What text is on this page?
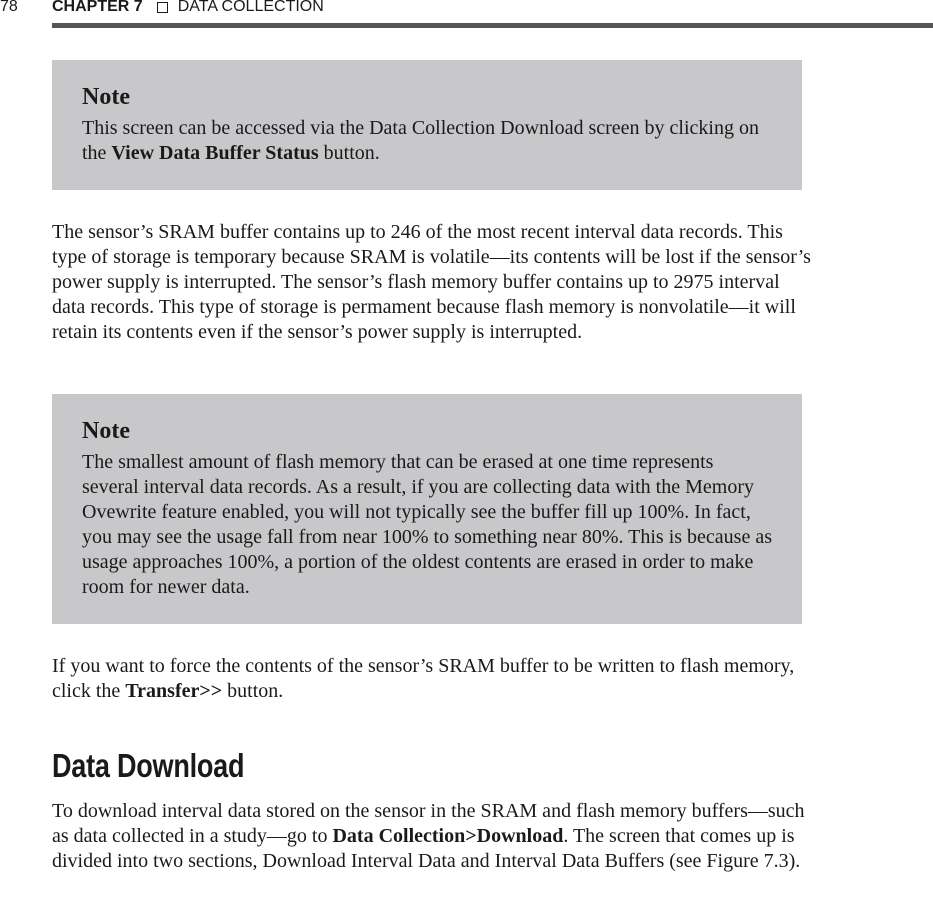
78 CHAPTER 7 DATA COLLECTION

Note

This screen can be accessed via the Data Collection Download screen by clicking on the View Data Buffer Status button.

The sensor’s SRAM buffer contains up to 246 of the most recent interval data records. This type of storage is temporary because SRAM is volatile—its contents will be lost if the sensor’s power supply is interrupted. The sensor’s flash memory buffer contains up to 2975 interval data records. This type of storage is permament because flash memory is nonvolatile—it will retain its contents even if the sensor’s power supply is interrupted.

Note

The smallest amount of flash memory that can be erased at one time represents several interval data records. As a result, if you are collecting data with the Memory Ovewrite feature enabled, you will not typically see the buffer fill up 100%. In fact, you may see the usage fall from near 100% to something near 80%. This is because as usage approaches 100%, a portion of the oldest contents are erased in order to make room for newer data.

If you want to force the contents of the sensor’s SRAM buffer to be written to flash memory, click the Transfer>> button.

Data Download

To download interval data stored on the sensor in the SRAM and flash memory buffers—such as data collected in a study—go to Data Collection>Download. The screen that comes up is divided into two sections, Download Interval Data and Interval Data Buffers (see Figure 7.3).
